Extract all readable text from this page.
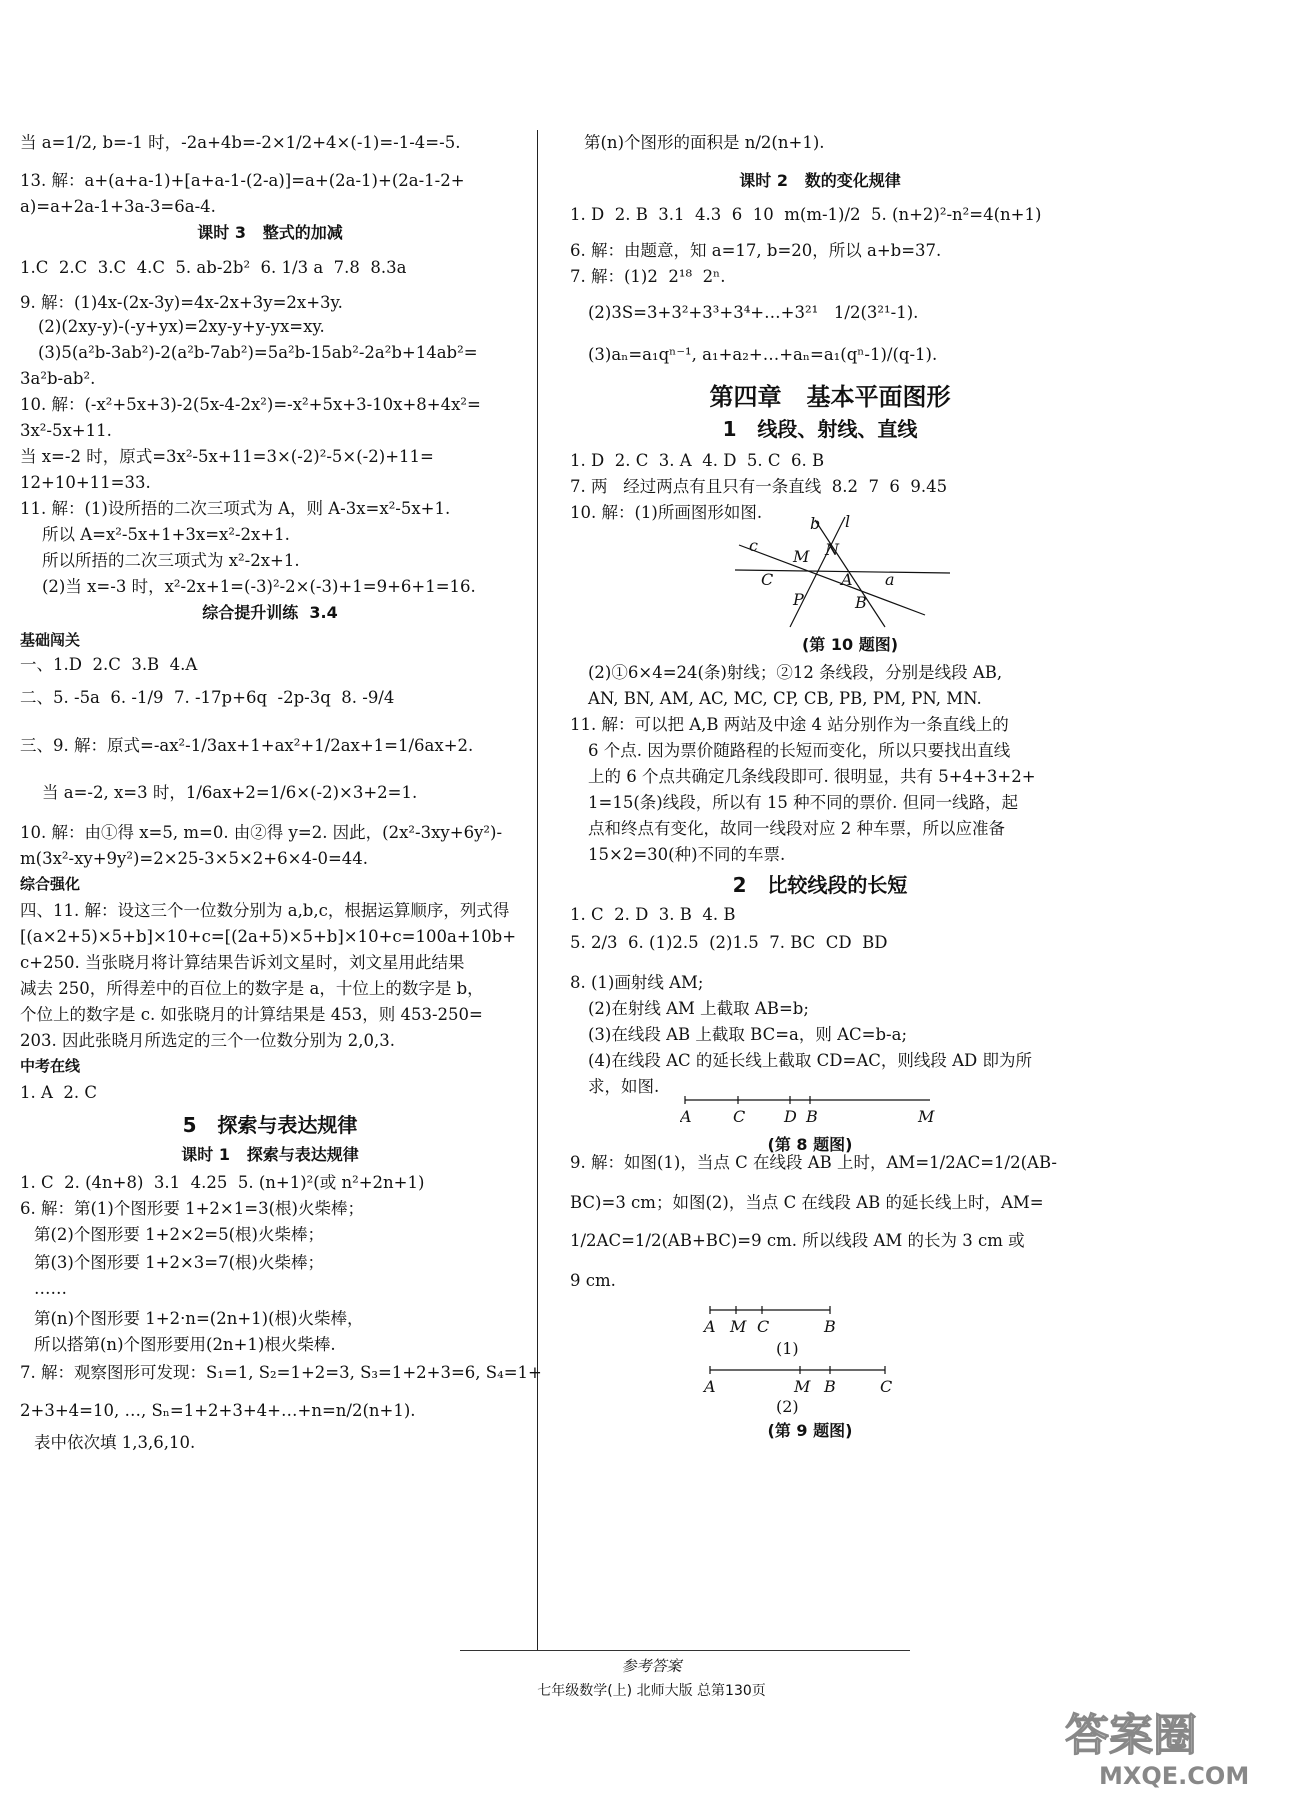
当 a=1/2, b=-1 时，-2a+4b=-2×1/2+4×(-1)=-1-4=-5.
13. 解：a+(a+a-1)+[a+a-1-(2-a)]=a+(2a-1)+(2a-1-2+
a)=a+2a-1+3a-3=6a-4.
课时 3   整式的加减
1.C  2.C  3.C  4.C  5. ab-2b²  6. 1/3 a  7.8  8.3a
9. 解：(1)4x-(2x-3y)=4x-2x+3y=2x+3y.
(2)(2xy-y)-(-y+yx)=2xy-y+y-yx=xy.
(3)5(a²b-3ab²)-2(a²b-7ab²)=5a²b-15ab²-2a²b+14ab²=
3a²b-ab².
10. 解：(-x²+5x+3)-2(5x-4-2x²)=-x²+5x+3-10x+8+4x²=
3x²-5x+11.
当 x=-2 时，原式=3x²-5x+11=3×(-2)²-5×(-2)+11=
12+10+11=33.
11. 解：(1)设所捂的二次三项式为 A，则 A-3x=x²-5x+1.
所以 A=x²-5x+1+3x=x²-2x+1.
所以所捂的二次三项式为 x²-2x+1.
(2)当 x=-3 时，x²-2x+1=(-3)²-2×(-3)+1=9+6+1=16.
综合提升训练  3.4
基础闯关
一、1.D  2.C  3.B  4.A
二、5. -5a  6. -1/9  7. -17p+6q  -2p-3q  8. -9/4
三、9. 解：原式=-ax²-1/3ax+1+ax²+1/2ax+1=1/6ax+2.
当 a=-2, x=3 时，1/6ax+2=1/6×(-2)×3+2=1.
10. 解：由①得 x=5, m=0. 由②得 y=2. 因此，(2x²-3xy+6y²)-
m(3x²-xy+9y²)=2×25-3×5×2+6×4-0=44.
综合强化
四、11. 解：设这三个一位数分别为 a,b,c，根据运算顺序，列式得
[(a×2+5)×5+b]×10+c=[(2a+5)×5+b]×10+c=100a+10b+
c+250. 当张晓月将计算结果告诉刘文星时，刘文星用此结果
减去 250，所得差中的百位上的数字是 a，十位上的数字是 b，
个位上的数字是 c. 如张晓月的计算结果是 453，则 453-250=
203. 因此张晓月所选定的三个一位数分别为 2,0,3.
中考在线
1. A  2. C
5   探索与表达规律
课时 1   探索与表达规律
1. C  2. (4n+8)  3.1  4.25  5. (n+1)²(或 n²+2n+1)
6. 解：第(1)个图形要 1+2×1=3(根)火柴棒；
第(2)个图形要 1+2×2=5(根)火柴棒；
第(3)个图形要 1+2×3=7(根)火柴棒；
……
第(n)个图形要 1+2·n=(2n+1)(根)火柴棒，
所以搭第(n)个图形要用(2n+1)根火柴棒.
7. 解：观察图形可发现：S₁=1, S₂=1+2=3, S₃=1+2+3=6, S₄=1+
2+3+4=10, …, Sₙ=1+2+3+4+…+n=n/2(n+1).
表中依次填 1,3,6,10.
第(n)个图形的面积是 n/2(n+1).
课时 2   数的变化规律
1. D  2. B  3.1  4.3  6  10  m(m-1)/2  5. (n+2)²-n²=4(n+1)
6. 解：由题意，知 a=17, b=20，所以 a+b=37.
7. 解：(1)2  2¹⁸  2ⁿ.
(2)3S=3+3²+3³+3⁴+…+3²¹   1/2(3²¹-1).
(3)aₙ=a₁qⁿ⁻¹, a₁+a₂+…+aₙ=a₁(qⁿ-1)/(q-1).
第四章   基本平面图形
1   线段、射线、直线
1. D  2. C  3. A  4. D  5. C  6. B
7. 两   经过两点有且只有一条直线  8.2  7  6  9.45
10. 解：(1)所画图形如图.
(2)①6×4=24(条)射线；②12 条线段，分别是线段 AB,
AN, BN, AM, AC, MC, CP, CB, PB, PM, PN, MN.
11. 解：可以把 A,B 两站及中途 4 站分别作为一条直线上的
6 个点. 因为票价随路程的长短而变化，所以只要找出直线
上的 6 个点共确定几条线段即可. 很明显，共有 5+4+3+2+
1=15(条)线段，所以有 15 种不同的票价. 但同一线路，起
点和终点有变化，故同一线段对应 2 种车票，所以应准备
15×2=30(种)不同的车票.
2   比较线段的长短
1. C  2. D  3. B  4. B
5. 2/3  6. (1)2.5  (2)1.5  7. BC  CD  BD
8. (1)画射线 AM;
(2)在射线 AM 上截取 AB=b;
(3)在线段 AB 上截取 BC=a，则 AC=b-a;
(4)在线段 AC 的延长线上截取 CD=AC，则线段 AD 即为所
求，如图.
9. 解：如图(1)，当点 C 在线段 AB 上时，AM=1/2AC=1/2(AB-
BC)=3 cm；如图(2)，当点 C 在线段 AB 的延长线上时，AM=
1/2AC=1/2(AB+BC)=9 cm. 所以线段 AM 的长为 3 cm 或
9 cm.
b l
c
M N
C	A a
P	B
(第 10 题图)
A	C D B	M
(第 8 题图)
A M C	B
(1)
A	M B	C
(2)
(第 9 题图)
参考答案
七年级数学(上) 北师大版 总第130页
答案圈
MXQE.COM
